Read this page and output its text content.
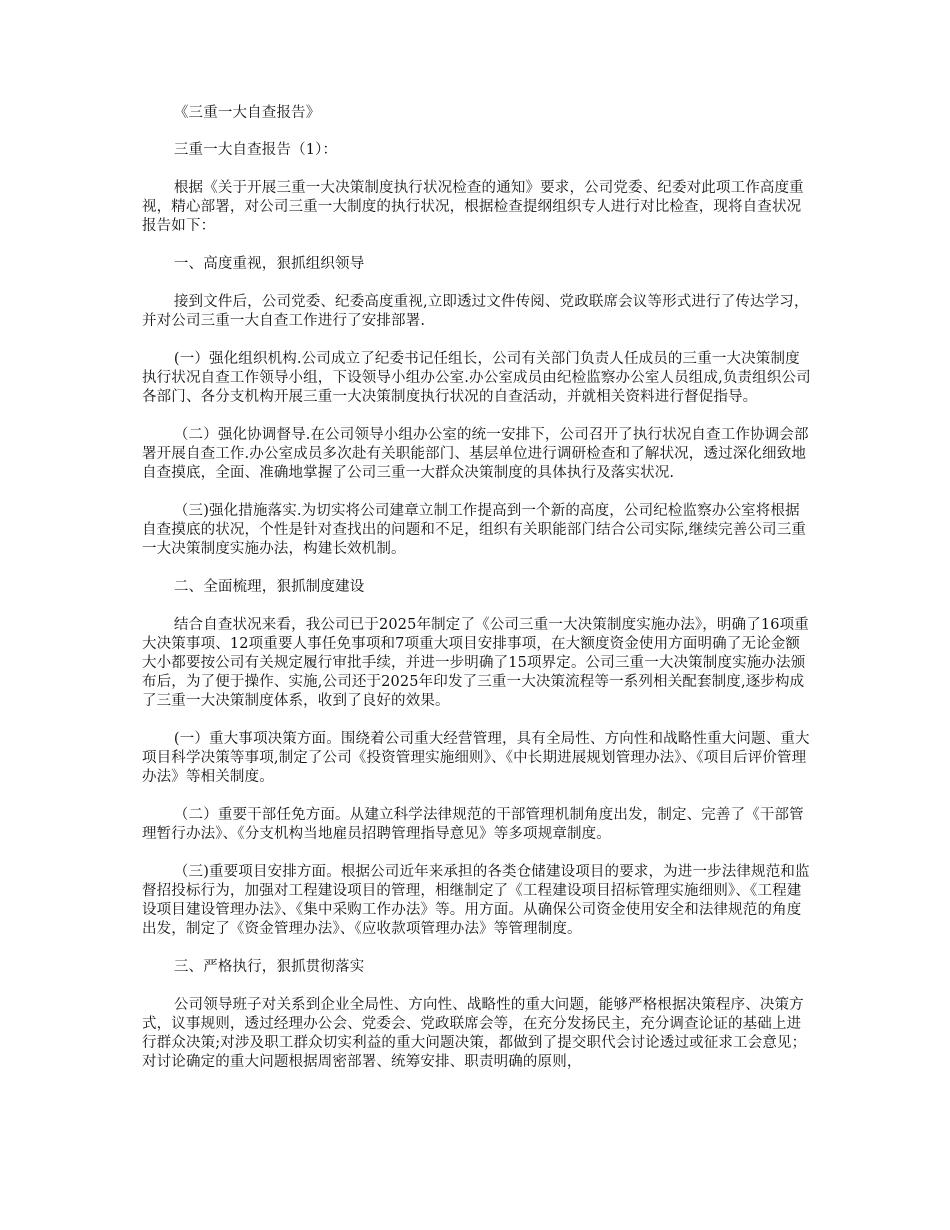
《三重一大自查报告》

三重一大自查报告（1）：

根据《关于开展三重一大决策制度执行状况检查的通知》要求，公司党委、纪委对此项工作高度重视，精心部署，对公司三重一大制度的执行状况，根据检查提纲组织专人进行对比检查，现将自查状况报告如下：

一、高度重视，狠抓组织领导

接到文件后，公司党委、纪委高度重视,立即透过文件传阅、党政联席会议等形式进行了传达学习，并对公司三重一大自查工作进行了安排部署.

(一）强化组织机构.公司成立了纪委书记任组长，公司有关部门负责人任成员的三重一大决策制度执行状况自查工作领导小组，下设领导小组办公室.办公室成员由纪检监察办公室人员组成,负责组织公司各部门、各分支机构开展三重一大决策制度执行状况的自查活动，并就相关资料进行督促指导。

（二）强化协调督导.在公司领导小组办公室的统一安排下，公司召开了执行状况自查工作协调会部署开展自查工作.办公室成员多次赴有关职能部门、基层单位进行调研检查和了解状况，透过深化细致地自查摸底，全面、准确地掌握了公司三重一大群众决策制度的具体执行及落实状况.

（三)强化措施落实.为切实将公司建章立制工作提高到一个新的高度，公司纪检监察办公室将根据自查摸底的状况，个性是针对查找出的问题和不足，组织有关职能部门结合公司实际,继续完善公司三重一大决策制度实施办法，构建长效机制。

二、全面梳理，狠抓制度建设

结合自查状况来看，我公司已于2025年制定了《公司三重一大决策制度实施办法》，明确了16项重大决策事项、12项重要人事任免事项和7项重大项目安排事项，在大额度资金使用方面明确了无论金额大小都要按公司有关规定履行审批手续，并进一步明确了15项界定。公司三重一大决策制度实施办法颁布后，为了便于操作、实施,公司还于2025年印发了三重一大决策流程等一系列相关配套制度,逐步构成了三重一大决策制度体系，收到了良好的效果。

(一）重大事项决策方面。围绕着公司重大经营管理，具有全局性、方向性和战略性重大问题、重大项目科学决策等事项,制定了公司《投资管理实施细则》、《中长期进展规划管理办法》、《项目后评价管理办法》等相关制度。

（二）重要干部任免方面。从建立科学法律规范的干部管理机制角度出发，制定、完善了《干部管理暂行办法》、《分支机构当地雇员招聘管理指导意见》等多项规章制度。

（三)重要项目安排方面。根据公司近年来承担的各类仓储建设项目的要求，为进一步法律规范和监督招投标行为，加强对工程建设项目的管理，相继制定了《工程建设项目招标管理实施细则》、《工程建设项目建设管理办法》、《集中采购工作办法》等。用方面。从确保公司资金使用安全和法律规范的角度出发，制定了《资金管理办法》、《应收款项管理办法》等管理制度。

三、严格执行，狠抓贯彻落实

公司领导班子对关系到企业全局性、方向性、战略性的重大问题，能够严格根据决策程序、决策方式，议事规则，透过经理办公会、党委会、党政联席会等，在充分发扬民主，充分调查论证的基础上进行群众决策;对涉及职工群众切实利益的重大问题决策，都做到了提交职代会讨论透过或征求工会意见；对讨论确定的重大问题根据周密部署、统筹安排、职责明确的原则，
